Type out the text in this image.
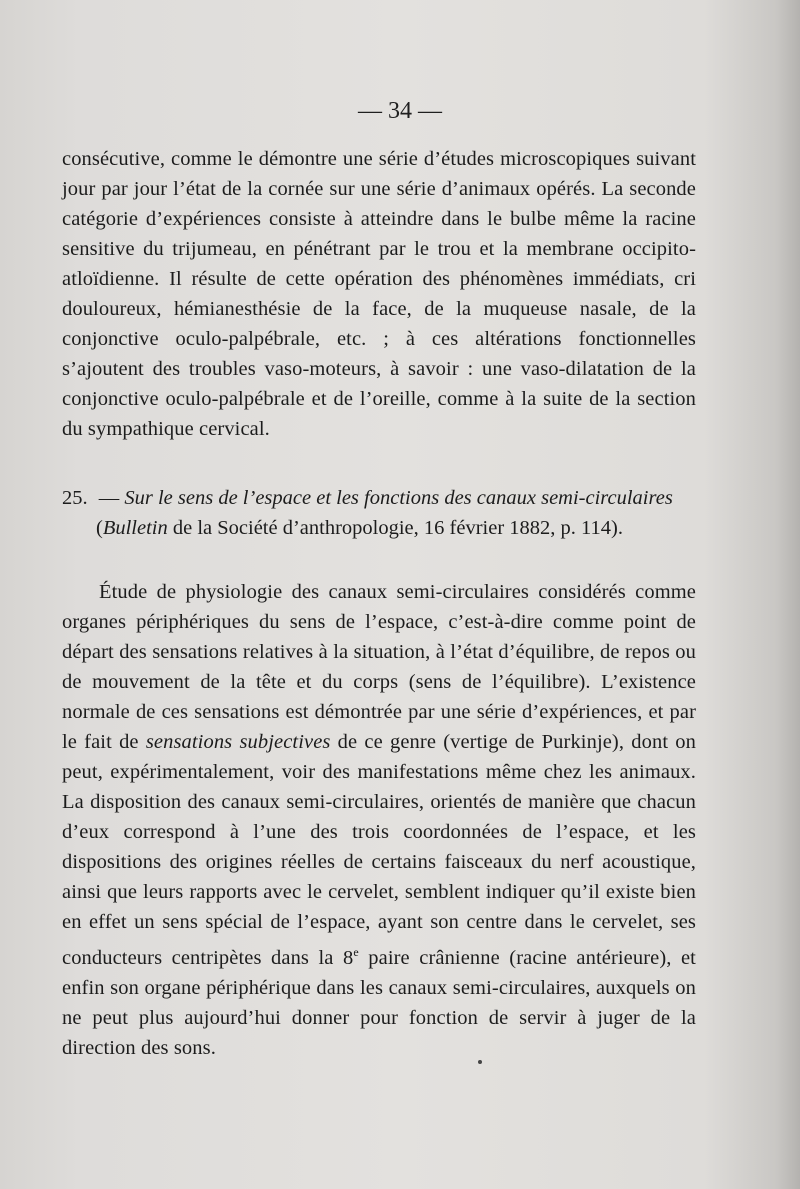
— 34 —

consécutive, comme le démontre une série d’études microscopiques suivant jour par jour l’état de la cornée sur une série d’animaux opérés. La seconde catégorie d’expériences consiste à atteindre dans le bulbe même la racine sensitive du trijumeau, en pénétrant par le trou et la membrane occipito-atloïdienne. Il résulte de cette opération des phénomènes immédiats, cri douloureux, hémianesthésie de la face, de la muqueuse nasale, de la conjonctive oculo-palpébrale, etc. ; à ces altérations fonctionnelles s’ajoutent des troubles vaso-moteurs, à savoir : une vaso-dilatation de la conjonctive oculo-palpébrale et de l’oreille, comme à la suite de la section du sympathique cervical.

25. — Sur le sens de l’espace et les fonctions des canaux semi-circulaires
(Bulletin de la Société d’anthropologie, 16 février 1882, p. 114).

Étude de physiologie des canaux semi-circulaires considérés comme organes périphériques du sens de l’espace, c’est-à-dire comme point de départ des sensations relatives à la situation, à l’état d’équilibre, de repos ou de mouvement de la tête et du corps (sens de l’équilibre). L’existence normale de ces sensations est démontrée par une série d’expériences, et par le fait de sensations subjectives de ce genre (vertige de Purkinje), dont on peut, expérimentalement, voir des manifestations même chez les animaux. La disposition des canaux semi-circulaires, orientés de manière que chacun d’eux correspond à l’une des trois coordonnées de l’espace, et les dispositions des origines réelles de certains faisceaux du nerf acoustique, ainsi que leurs rapports avec le cervelet, semblent indiquer qu’il existe bien en effet un sens spécial de l’espace, ayant son centre dans le cervelet, ses conducteurs centripètes dans la 8e paire crânienne (racine antérieure), et enfin son organe périphérique dans les canaux semi-circulaires, auxquels on ne peut plus aujourd’hui donner pour fonction de servir à juger de la direction des sons.
